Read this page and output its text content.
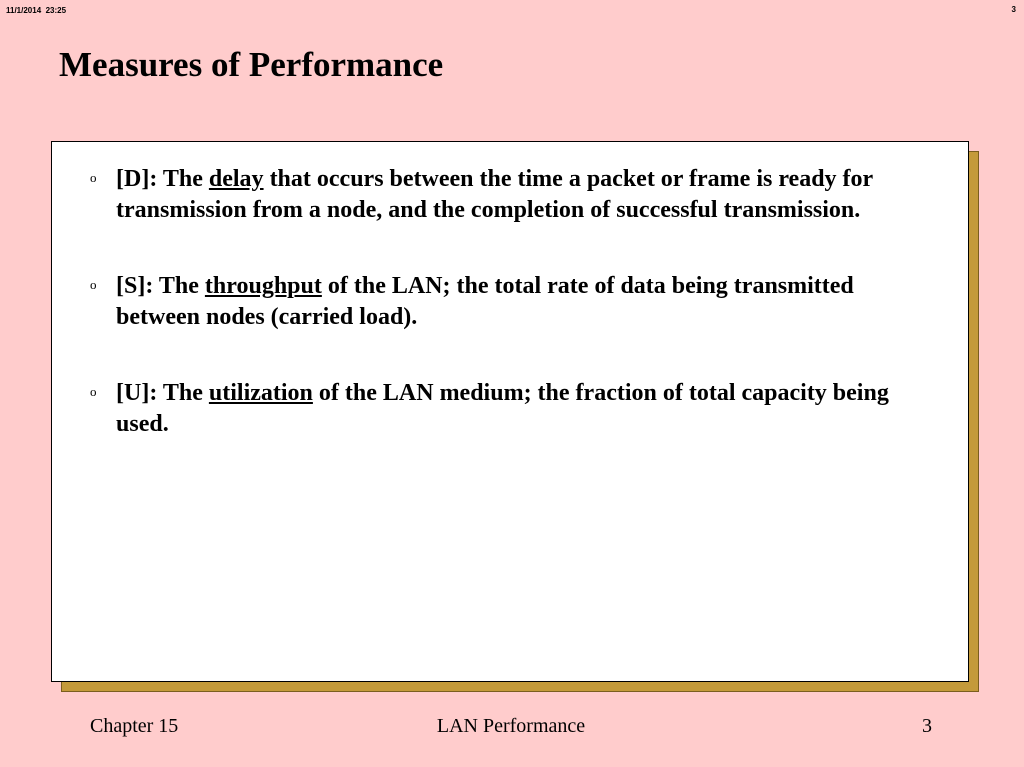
11/1/2014  23:25	3
Measures of Performance
o [D]: The delay that occurs between the time a packet or frame is ready for transmission from a node, and the completion of successful transmission.
o [S]: The throughput of the LAN; the total rate of data being transmitted between nodes (carried load).
o [U]: The utilization of the LAN medium; the fraction of total capacity being used.
Chapter 15	LAN Performance	3
